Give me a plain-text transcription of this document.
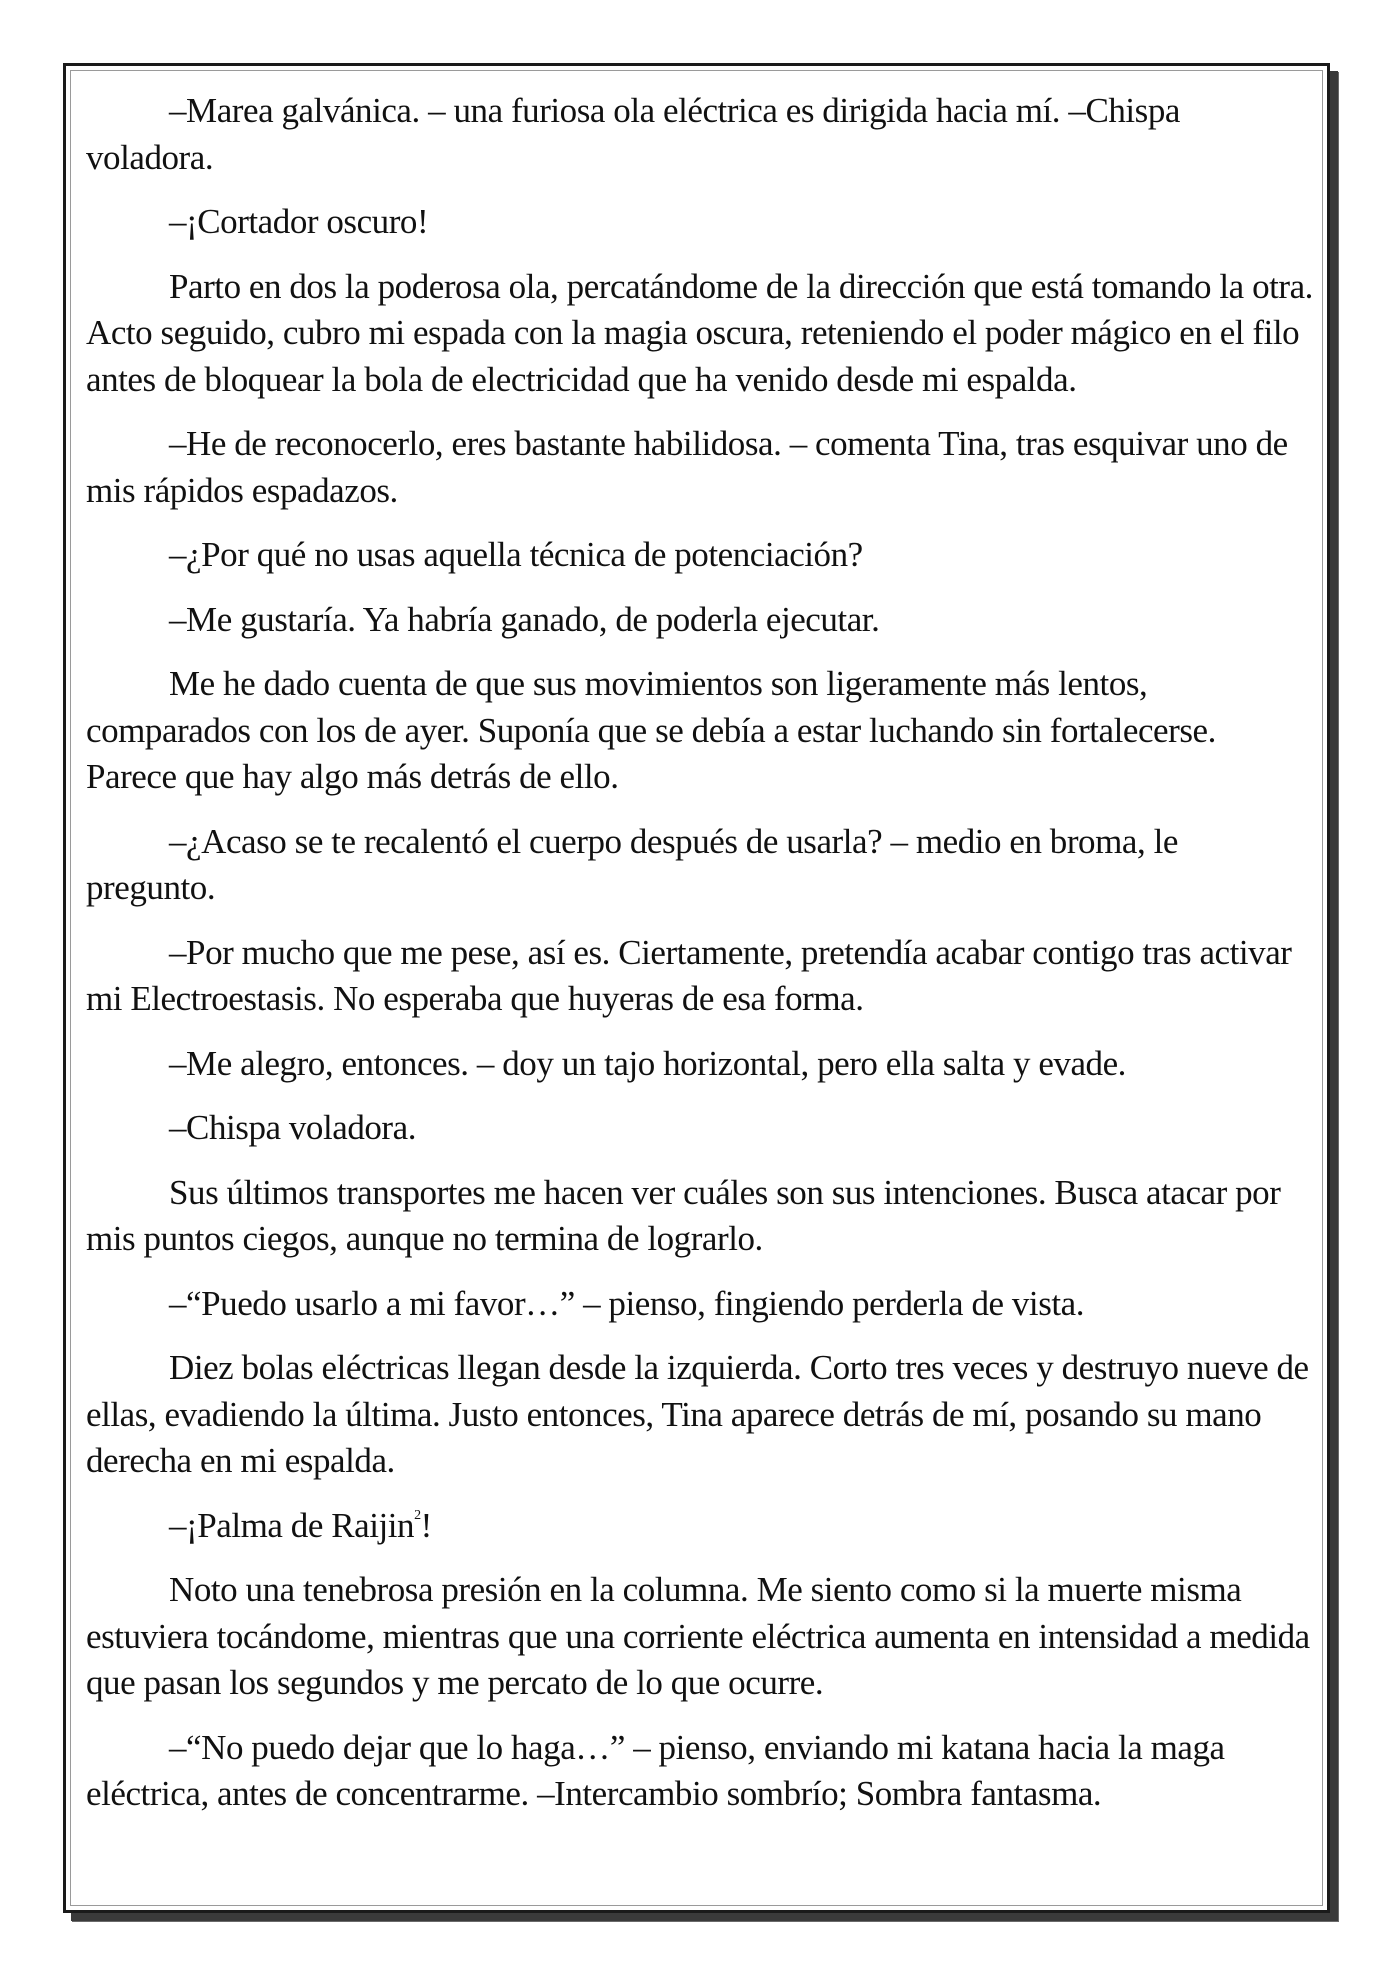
–Marea galvánica. – una furiosa ola eléctrica es dirigida hacia mí. –Chispa voladora.

–¡Cortador oscuro!

Parto en dos la poderosa ola, percatándome de la dirección que está tomando la otra. Acto seguido, cubro mi espada con la magia oscura, reteniendo el poder mágico en el filo antes de bloquear la bola de electricidad que ha venido desde mi espalda.

–He de reconocerlo, eres bastante habilidosa. – comenta Tina, tras esquivar uno de mis rápidos espadazos.

–¿Por qué no usas aquella técnica de potenciación?

–Me gustaría. Ya habría ganado, de poderla ejecutar.

Me he dado cuenta de que sus movimientos son ligeramente más lentos, comparados con los de ayer. Suponía que se debía a estar luchando sin fortalecerse. Parece que hay algo más detrás de ello.

–¿Acaso se te recalentó el cuerpo después de usarla? – medio en broma, le pregunto.

–Por mucho que me pese, así es. Ciertamente, pretendía acabar contigo tras activar mi Electroestasis. No esperaba que huyeras de esa forma.

–Me alegro, entonces. – doy un tajo horizontal, pero ella salta y evade.

–Chispa voladora.

Sus últimos transportes me hacen ver cuáles son sus intenciones. Busca atacar por mis puntos ciegos, aunque no termina de lograrlo.

–“Puedo usarlo a mi favor…” – pienso, fingiendo perderla de vista.

Diez bolas eléctricas llegan desde la izquierda. Corto tres veces y destruyo nueve de ellas, evadiendo la última. Justo entonces, Tina aparece detrás de mí, posando su mano derecha en mi espalda.

–¡Palma de Raijin$^2$!

Noto una tenebrosa presión en la columna. Me siento como si la muerte misma estuviera tocándome, mientras que una corriente eléctrica aumenta en intensidad a medida que pasan los segundos y me percato de lo que ocurre.

–“No puedo dejar que lo haga…” – pienso, enviando mi katana hacia la maga eléctrica, antes de concentrarme. –Intercambio sombrío; Sombra fantasma.
